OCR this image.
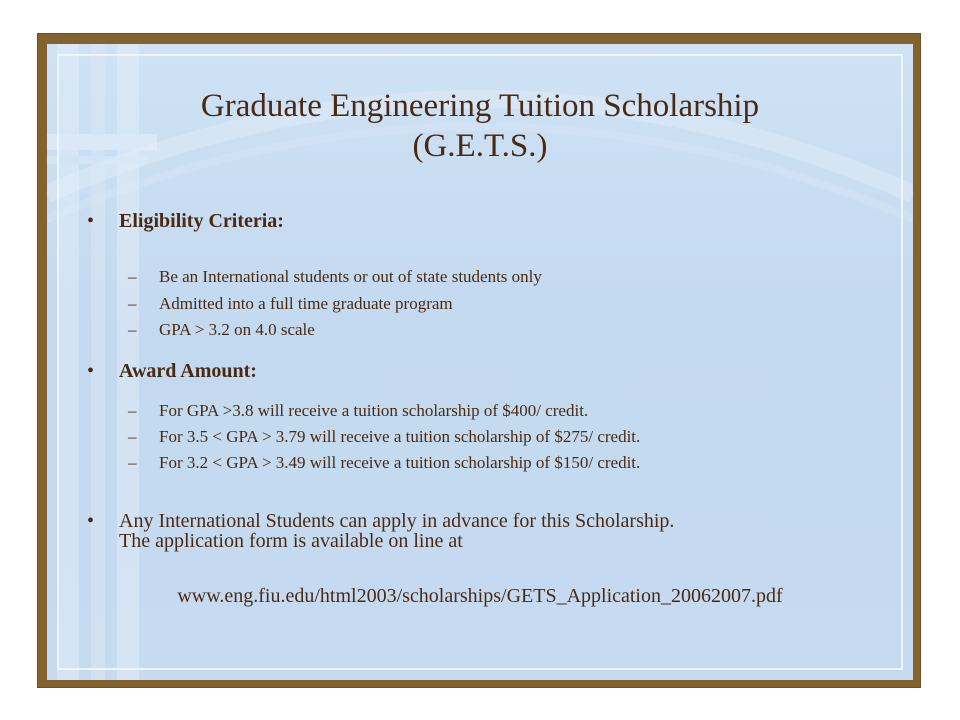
Graduate Engineering Tuition Scholarship
(G.E.T.S.)
•	Eligibility Criteria:
– Be an International students or out of state students only
– Admitted into a full time graduate program
– GPA > 3.2 on 4.0 scale
•	Award Amount:
– For GPA >3.8 will receive a tuition scholarship of $400/ credit.
– For 3.5 < GPA > 3.79 will receive a tuition scholarship of $275/ credit.
– For 3.2 < GPA > 3.49 will receive a tuition scholarship of $150/ credit.
•	Any International Students can apply in advance for this Scholarship.
The application form is available on line at
www.eng.fiu.edu/html2003/scholarships/GETS_Application_20062007.pdf
